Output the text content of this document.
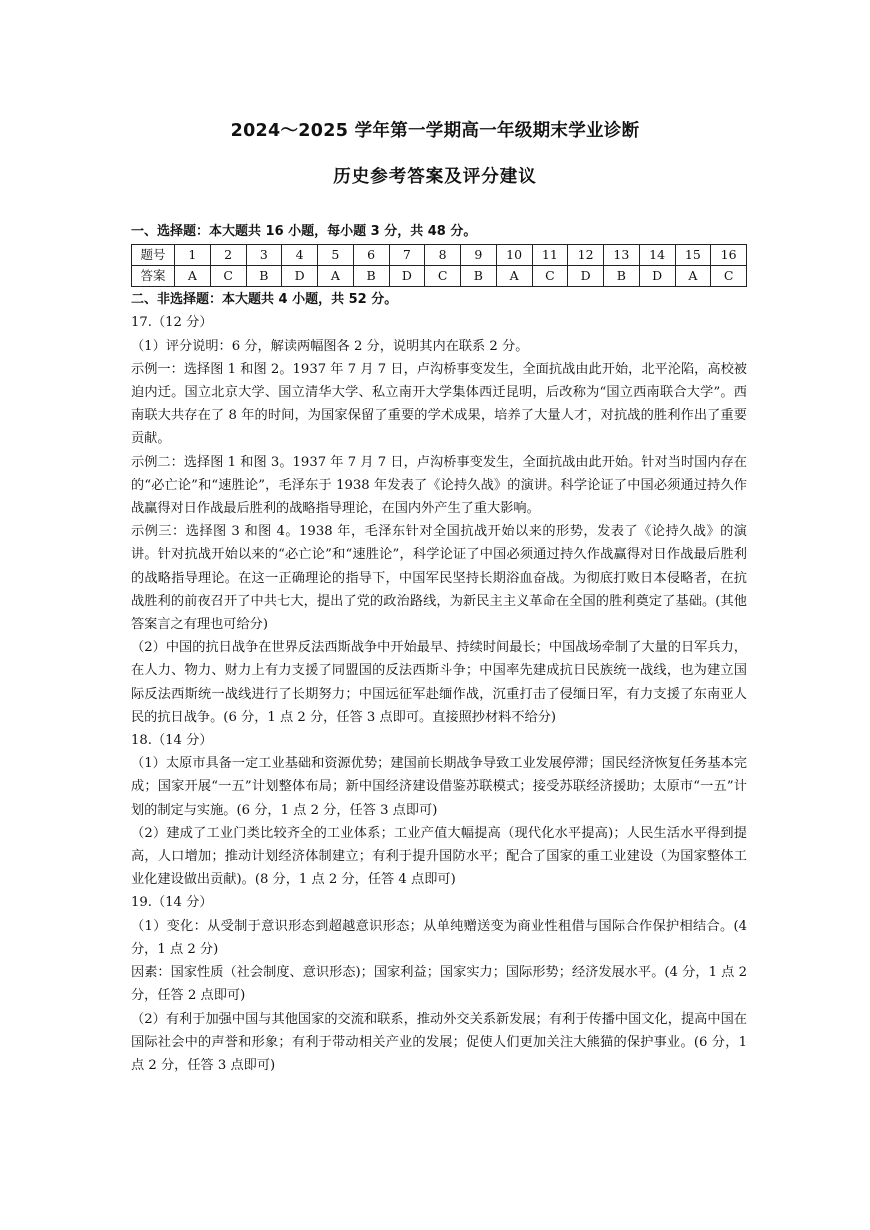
2024～2025 学年第一学期高一年级期末学业诊断
历史参考答案及评分建议

一、选择题：本大题共 16 小题，每小题 3 分，共 48 分。

题号	1	2	3	4	5	6	7	8	9	10	11	12	13	14	15	16
答案	A	C	B	D	A	B	D	C	B	A	C	D	B	D	A	C

二、非选择题：本大题共 4 小题，共 52 分。

17.（12 分）

（1）评分说明：6 分，解读两幅图各 2 分，说明其内在联系 2 分。

示例一：选择图 1 和图 2。1937 年 7 月 7 日，卢沟桥事变发生，全面抗战由此开始，北平沦陷，高校被迫内迁。国立北京大学、国立清华大学、私立南开大学集体西迁昆明，后改称为“国立西南联合大学”。西南联大共存在了 8 年的时间，为国家保留了重要的学术成果，培养了大量人才，对抗战的胜利作出了重要贡献。

示例二：选择图 1 和图 3。1937 年 7 月 7 日，卢沟桥事变发生，全面抗战由此开始。针对当时国内存在的“必亡论”和“速胜论”，毛泽东于 1938 年发表了《论持久战》的演讲。科学论证了中国必须通过持久作战赢得对日作战最后胜利的战略指导理论，在国内外产生了重大影响。

示例三：选择图 3 和图 4。1938 年，毛泽东针对全国抗战开始以来的形势，发表了《论持久战》的演讲。针对抗战开始以来的“必亡论”和“速胜论”，科学论证了中国必须通过持久作战赢得对日作战最后胜利的战略指导理论。在这一正确理论的指导下，中国军民坚持长期浴血奋战。为彻底打败日本侵略者，在抗战胜利的前夜召开了中共七大，提出了党的政治路线，为新民主主义革命在全国的胜利奠定了基础。(其他答案言之有理也可给分)

（2）中国的抗日战争在世界反法西斯战争中开始最早、持续时间最长；中国战场牵制了大量的日军兵力，在人力、物力、财力上有力支援了同盟国的反法西斯斗争；中国率先建成抗日民族统一战线，也为建立国际反法西斯统一战线进行了长期努力；中国远征军赴缅作战，沉重打击了侵缅日军，有力支援了东南亚人民的抗日战争。(6 分，1 点 2 分，任答 3 点即可。直接照抄材料不给分)

18.（14 分）

（1）太原市具备一定工业基础和资源优势；建国前长期战争导致工业发展停滞；国民经济恢复任务基本完成；国家开展“一五”计划整体布局；新中国经济建设借鉴苏联模式；接受苏联经济援助；太原市“一五”计划的制定与实施。(6 分，1 点 2 分，任答 3 点即可)

（2）建成了工业门类比较齐全的工业体系；工业产值大幅提高（现代化水平提高)；人民生活水平得到提高，人口增加；推动计划经济体制建立；有利于提升国防水平；配合了国家的重工业建设（为国家整体工业化建设做出贡献)。(8 分，1 点 2 分，任答 4 点即可)

19.（14 分）

（1）变化：从受制于意识形态到超越意识形态；从单纯赠送变为商业性租借与国际合作保护相结合。(4 分，1 点 2 分)

因素：国家性质（社会制度、意识形态)；国家利益；国家实力；国际形势；经济发展水平。(4 分，1 点 2 分，任答 2 点即可)

（2）有利于加强中国与其他国家的交流和联系，推动外交关系新发展；有利于传播中国文化，提高中国在国际社会中的声誉和形象；有利于带动相关产业的发展；促使人们更加关注大熊猫的保护事业。(6 分，1 点 2 分，任答 3 点即可)
